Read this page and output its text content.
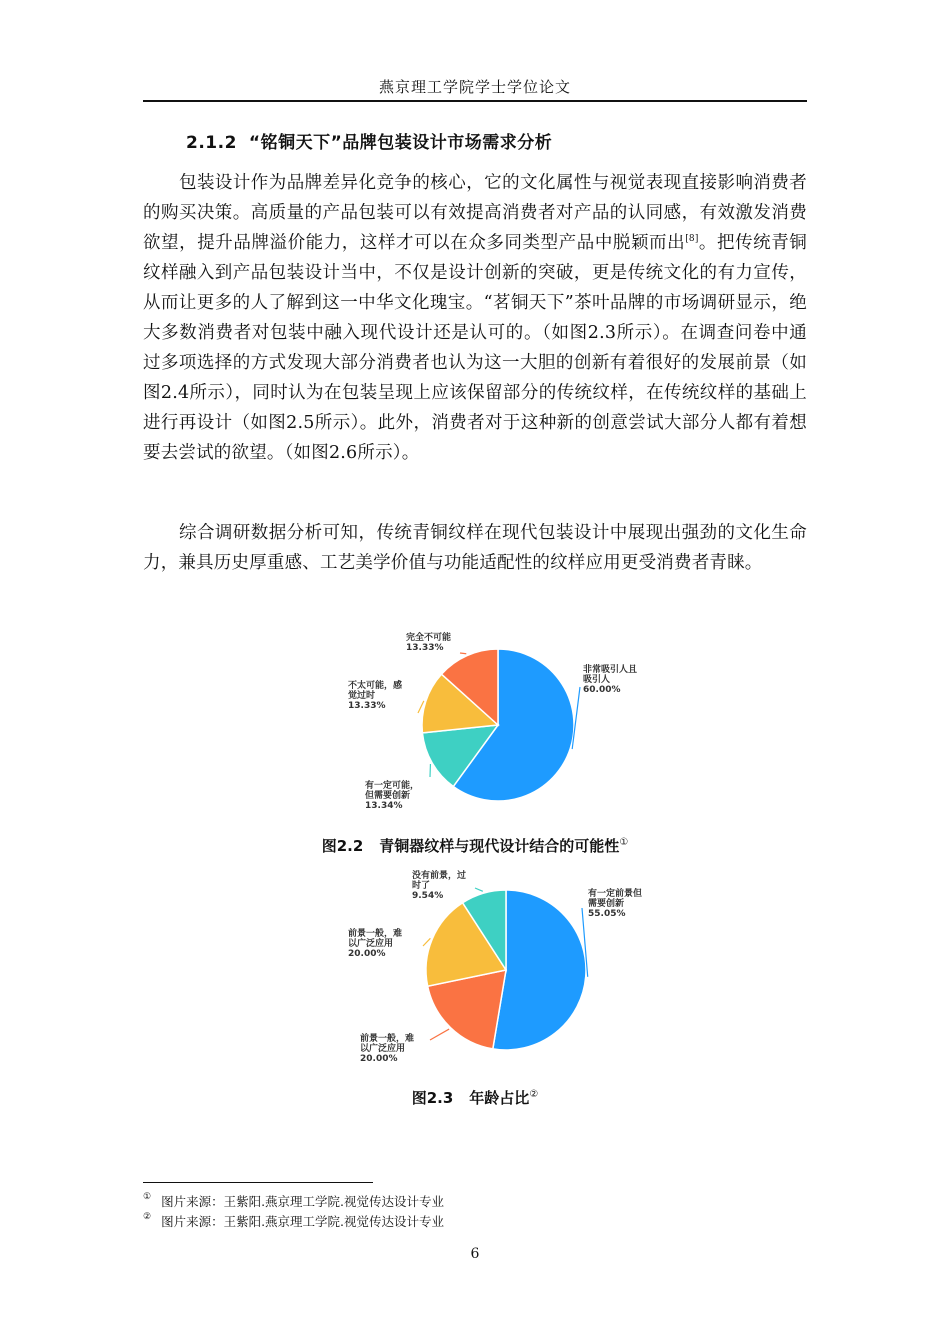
燕京理工学院学士学位论文
2.1.2 “铭铜天下”品牌包装设计市场需求分析

包装设计作为品牌差异化竞争的核心，它的文化属性与视觉表现直接影响消费者的购买决策。高质量的产品包装可以有效提高消费者对产品的认同感，有效激发消费欲望，提升品牌溢价能力，这样才可以在众多同类型产品中脱颖而出[8]。把传统青铜纹样融入到产品包装设计当中，不仅是设计创新的突破，更是传统文化的有力宣传，从而让更多的人了解到这一中华文化瑰宝。“茗铜天下”茶叶品牌的市场调研显示，绝大多数消费者对包装中融入现代设计还是认可的。（如图2.3所示）。在调查问卷中通过多项选择的方式发现大部分消费者也认为这一大胆的创新有着很好的发展前景（如图2.4所示），同时认为在包装呈现上应该保留部分的传统纹样，在传统纹样的基础上进行再设计（如图2.5所示）。此外，消费者对于这种新的创意尝试大部分人都有着想要去尝试的欲望。（如图2.6所示）。

综合调研数据分析可知，传统青铜纹样在现代包装设计中展现出强劲的文化生命力，兼具历史厚重感、工艺美学价值与功能适配性的纹样应用更受消费者青睐。

非常吸引人且吸引人 60.00%
有一定可能，但需要创新 13.34%
不太可能，感觉过时 13.33%
完全不可能 13.33%
图2.2 青铜器纹样与现代设计结合的可能性①
有一定前景但需要创新 55.05%
前景一般，难以广泛应用 20.00%
前景一般，难以广泛应用 20.00%
没有前景，过时了 9.54%
图2.3 年龄占比②
① 图片来源：王紫阳.燕京理工学院.视觉传达设计专业
② 图片来源：王紫阳.燕京理工学院.视觉传达设计专业
6
